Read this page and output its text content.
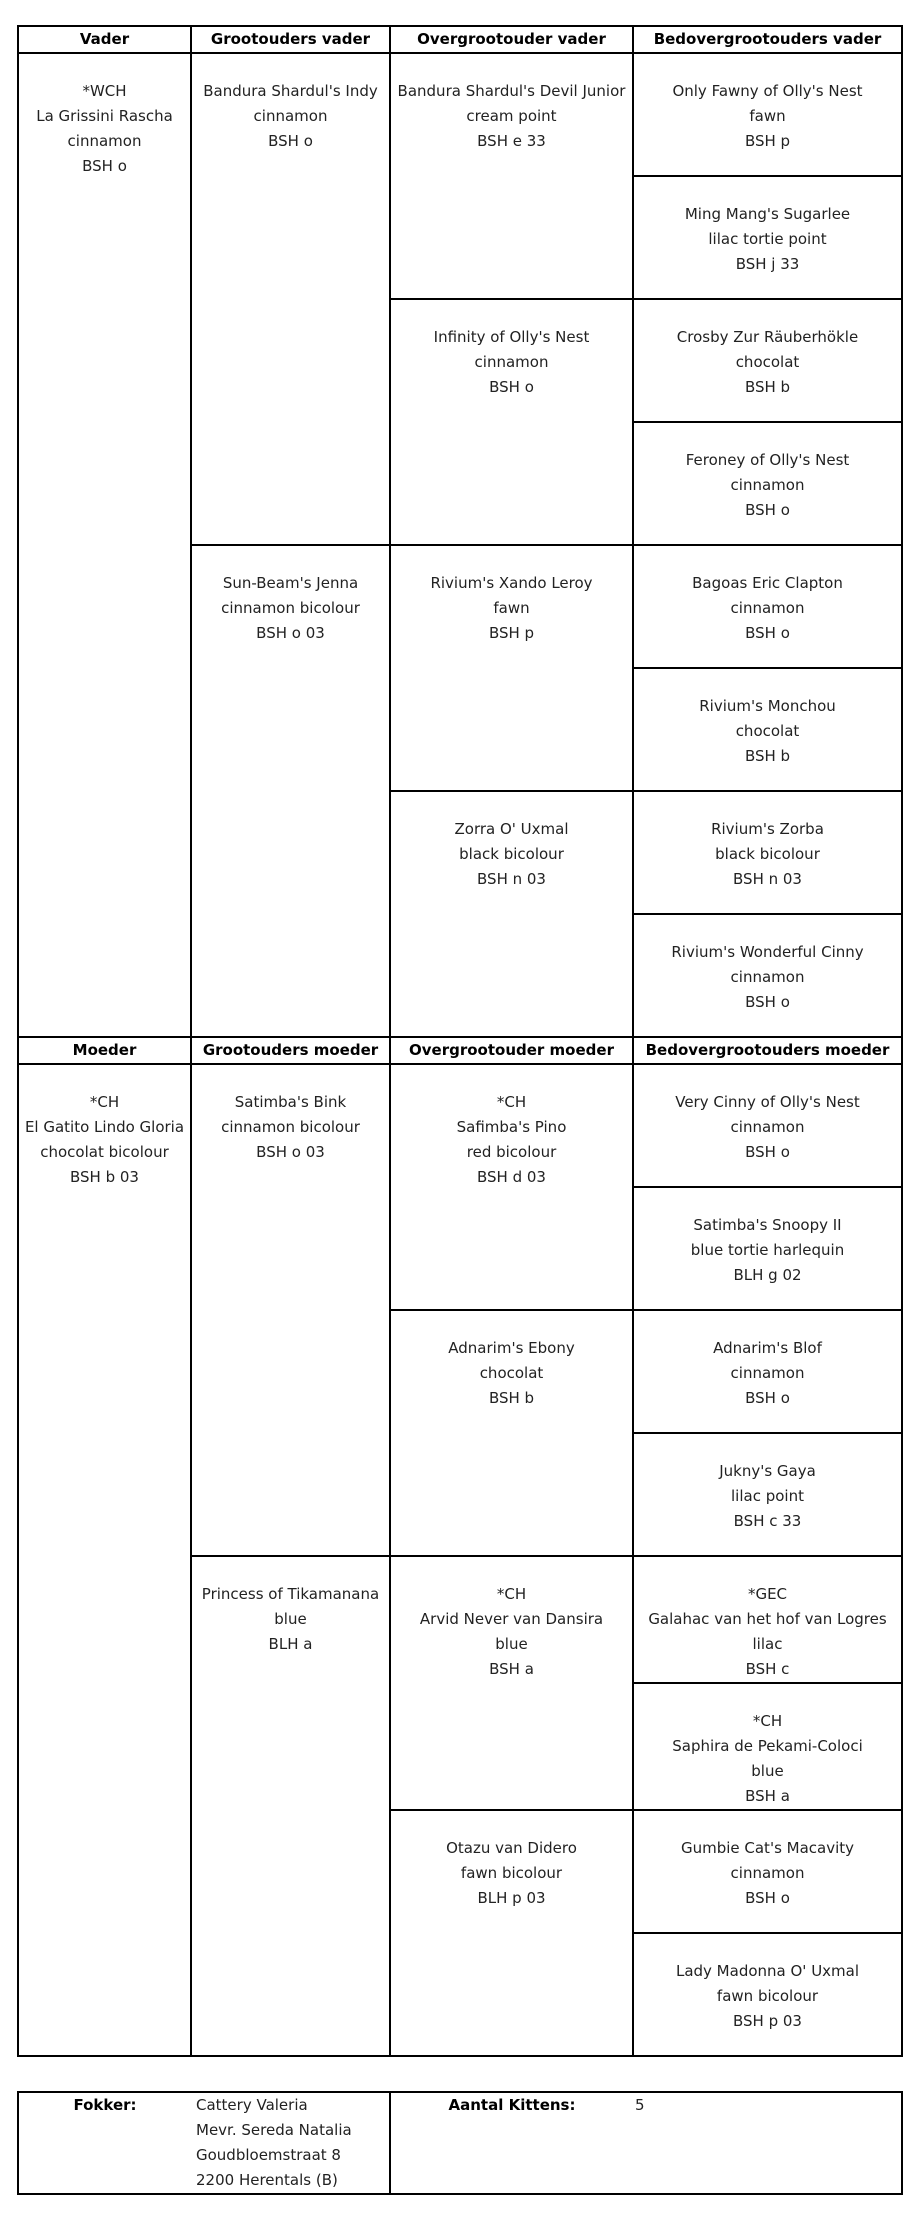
Vader	Grootouders vader	Overgrootouder vader	Bedovergrootouders vader

*WCH
La Grissini Rascha
cinnamon
BSH o	Bandura Shardul's Indy
cinnamon
BSH o	Bandura Shardul's Devil Junior
cream point
BSH e 33	Only Fawny of Olly's Nest
fawn
BSH p

			Ming Mang's Sugarlee
lilac tortie point
BSH j 33

		Infinity of Olly's Nest
cinnamon
BSH o	Crosby Zur Räuberhökle
chocolat
BSH b

			Feroney of Olly's Nest
cinnamon
BSH o

	Sun-Beam's Jenna
cinnamon bicolour
BSH o 03	Rivium's Xando Leroy
fawn
BSH p	Bagoas Eric Clapton
cinnamon
BSH o

			Rivium's Monchou
chocolat
BSH b

		Zorra O' Uxmal
black bicolour
BSH n 03	Rivium's Zorba
black bicolour
BSH n 03

			Rivium's Wonderful Cinny
cinnamon
BSH o

Moeder	Grootouders moeder	Overgrootouder moeder	Bedovergrootouders moeder

*CH
El Gatito Lindo Gloria
chocolat bicolour
BSH b 03	Satimba's Bink
cinnamon bicolour
BSH o 03	*CH
Safimba's Pino
red bicolour
BSH d 03	Very Cinny of Olly's Nest
cinnamon
BSH o

			Satimba's Snoopy II
blue tortie harlequin
BLH g 02

		Adnarim's Ebony
chocolat
BSH b	Adnarim's Blof
cinnamon
BSH o

			Jukny's Gaya
lilac point
BSH c 33

	Princess of Tikamanana
blue
BLH a	*CH
Arvid Never van Dansira
blue
BSH a	*GEC
Galahac van het hof van Logres
lilac
BSH c

			*CH
Saphira de Pekami-Coloci
blue
BSH a

		Otazu van Didero
fawn bicolour
BLH p 03	Gumbie Cat's Macavity
cinnamon
BSH o

			Lady Madonna O' Uxmal
fawn bicolour
BSH p 03
Fokker:	Cattery Valeria
Mevr. Sereda Natalia
Goudbloemstraat 8
2200 Herentals (B)
	Aantal Kittens:	5
